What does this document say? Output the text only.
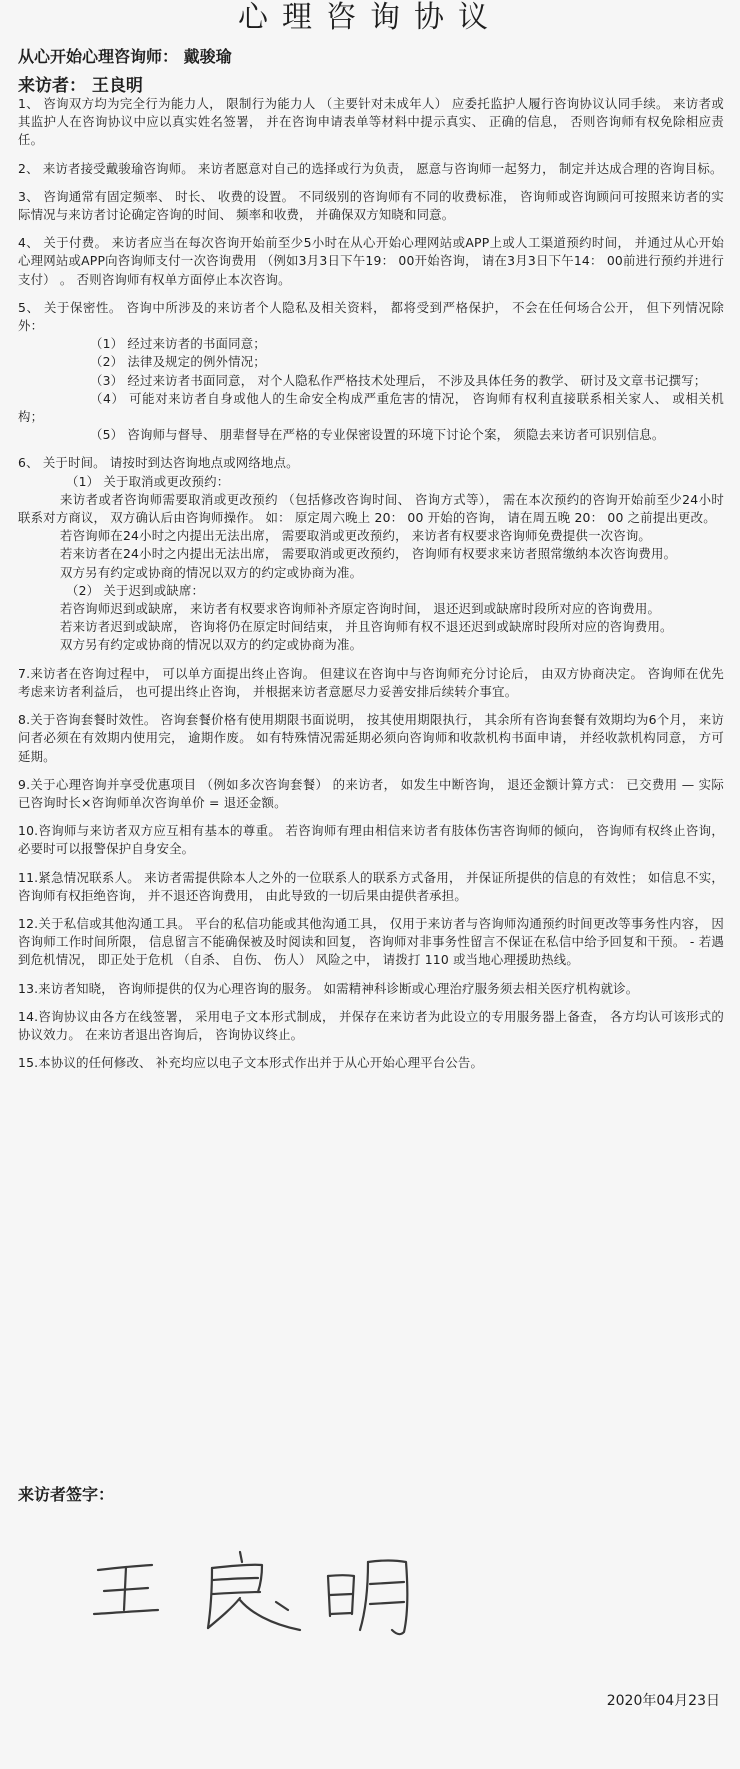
心理咨询协议
从心开始心理咨询师： 戴骏瑜
来访者： 王良明

1、 咨询双方均为完全行为能力人， 限制行为能力人 （主要针对未成年人） 应委托监护人履行咨询协议认同手续。 来访者或其监护人在咨询协议中应以真实姓名签署， 并在咨询申请表单等材料中提示真实、 正确的信息， 否则咨询师有权免除相应责任。

2、 来访者接受戴骏瑜咨询师。 来访者愿意对自己的选择或行为负责， 愿意与咨询师一起努力， 制定并达成合理的咨询目标。

3、 咨询通常有固定频率、 时长、 收费的设置。 不同级别的咨询师有不同的收费标准， 咨询师或咨询顾问可按照来访者的实际情况与来访者讨论确定咨询的时间、 频率和收费， 并确保双方知晓和同意。

4、 关于付费。 来访者应当在每次咨询开始前至少5小时在从心开始心理网站或APP上或人工渠道预约时间， 并通过从心开始心理网站或APP向咨询师支付一次咨询费用 （例如3月3日下午19： 00开始咨询， 请在3月3日下午14： 00前进行预约并进行支付） 。 否则咨询师有权单方面停止本次咨询。

5、 关于保密性。 咨询中所涉及的来访者个人隐私及相关资料， 都将受到严格保护， 不会在任何场合公开， 但下列情况除外：

（1） 经过来访者的书面同意；

（2） 法律及规定的例外情况；

（3） 经过来访者书面同意， 对个人隐私作严格技术处理后， 不涉及具体任务的教学、 研讨及文章书记撰写；

（4） 可能对来访者自身或他人的生命安全构成严重危害的情况， 咨询师有权利直接联系相关家人、 或相关机构；

（5） 咨询师与督导、 朋辈督导在严格的专业保密设置的环境下讨论个案， 须隐去来访者可识别信息。

6、 关于时间。 请按时到达咨询地点或网络地点。

（1） 关于取消或更改预约：

来访者或者咨询师需要取消或更改预约 （包括修改咨询时间、 咨询方式等）， 需在本次预约的咨询开始前至少24小时联系对方商议， 双方确认后由咨询师操作。 如： 原定周六晚上 20： 00 开始的咨询， 请在周五晚 20： 00 之前提出更改。

若咨询师在24小时之内提出无法出席， 需要取消或更改预约， 来访者有权要求咨询师免费提供一次咨询。

若来访者在24小时之内提出无法出席， 需要取消或更改预约， 咨询师有权要求来访者照常缴纳本次咨询费用。

双方另有约定或协商的情况以双方的约定或协商为准。

（2） 关于迟到或缺席：

若咨询师迟到或缺席， 来访者有权要求咨询师补齐原定咨询时间， 退还迟到或缺席时段所对应的咨询费用。

若来访者迟到或缺席， 咨询将仍在原定时间结束， 并且咨询师有权不退还迟到或缺席时段所对应的咨询费用。

双方另有约定或协商的情况以双方的约定或协商为准。

7.来访者在咨询过程中， 可以单方面提出终止咨询。 但建议在咨询中与咨询师充分讨论后， 由双方协商决定。 咨询师在优先考虑来访者利益后， 也可提出终止咨询， 并根据来访者意愿尽力妥善安排后续转介事宜。

8.关于咨询套餐时效性。 咨询套餐价格有使用期限书面说明， 按其使用期限执行， 其余所有咨询套餐有效期均为6个月， 来访问者必须在有效期内使用完， 逾期作废。 如有特殊情况需延期必须向咨询师和收款机构书面申请， 并经收款机构同意， 方可延期。

9.关于心理咨询并享受优惠项目 （例如多次咨询套餐） 的来访者， 如发生中断咨询， 退还金额计算方式： 已交费用 — 实际已咨询时长×咨询师单次咨询单价 = 退还金额。

10.咨询师与来访者双方应互相有基本的尊重。 若咨询师有理由相信来访者有肢体伤害咨询师的倾向， 咨询师有权终止咨询， 必要时可以报警保护自身安全。

11.紧急情况联系人。 来访者需提供除本人之外的一位联系人的联系方式备用， 并保证所提供的信息的有效性； 如信息不实， 咨询师有权拒绝咨询， 并不退还咨询费用， 由此导致的一切后果由提供者承担。

12.关于私信或其他沟通工具。 平台的私信功能或其他沟通工具， 仅用于来访者与咨询师沟通预约时间更改等事务性内容， 因咨询师工作时间所限， 信息留言不能确保被及时阅读和回复， 咨询师对非事务性留言不保证在私信中给予回复和干预。 - 若遇到危机情况， 即正处于危机 （自杀、 自伤、 伤人） 风险之中， 请拨打 110 或当地心理援助热线。

13.来访者知晓， 咨询师提供的仅为心理咨询的服务。 如需精神科诊断或心理治疗服务须去相关医疗机构就诊。

14.咨询协议由各方在线签署， 采用电子文本形式制成， 并保存在来访者为此设立的专用服务器上备查， 各方均认可该形式的协议效力。 在来访者退出咨询后， 咨询协议终止。

15.本协议的任何修改、 补充均应以电子文本形式作出并于从心开始心理平台公告。

来访者签字：
2020年04月23日
